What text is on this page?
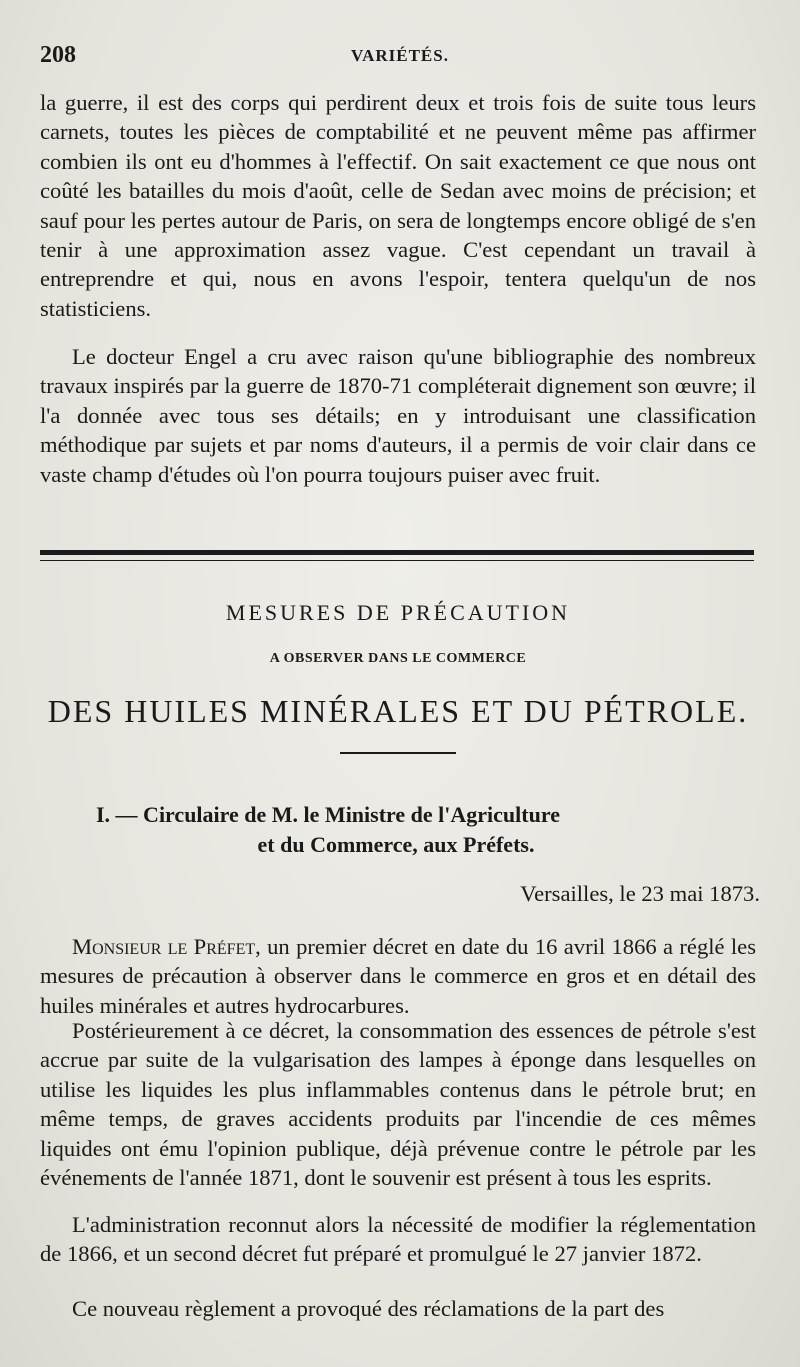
208	VARIÉTÉS.

la guerre, il est des corps qui perdirent deux et trois fois de suite tous leurs carnets, toutes les pièces de comptabilité et ne peuvent même pas affirmer combien ils ont eu d'hommes à l'effectif. On sait exactement ce que nous ont coûté les batailles du mois d'août, celle de Sedan avec moins de précision; et sauf pour les pertes autour de Paris, on sera de longtemps encore obligé de s'en tenir à une approximation assez vague. C'est cependant un travail à entreprendre et qui, nous en avons l'espoir, tentera quelqu'un de nos statisticiens.

Le docteur Engel a cru avec raison qu'une bibliographie des nombreux travaux inspirés par la guerre de 1870-71 compléterait dignement son œuvre; il l'a donnée avec tous ses détails; en y introduisant une classification méthodique par sujets et par noms d'auteurs, il a permis de voir clair dans ce vaste champ d'études où l'on pourra toujours puiser avec fruit.

MESURES DE PRÉCAUTION
A OBSERVER DANS LE COMMERCE
DES HUILES MINÉRALES ET DU PÉTROLE.
I. — Circulaire de M. le Ministre de l'Agriculture
et du Commerce, aux Préfets.
Versailles, le 23 mai 1873.

Monsieur le Préfet, un premier décret en date du 16 avril 1866 a réglé les mesures de précaution à observer dans le commerce en gros et en détail des huiles minérales et autres hydrocarbures.

Postérieurement à ce décret, la consommation des essences de pétrole s'est accrue par suite de la vulgarisation des lampes à éponge dans lesquelles on utilise les liquides les plus inflammables contenus dans le pétrole brut; en même temps, de graves accidents produits par l'incendie de ces mêmes liquides ont ému l'opinion publique, déjà prévenue contre le pétrole par les événements de l'année 1871, dont le souvenir est présent à tous les esprits.

L'administration reconnut alors la nécessité de modifier la réglementation de 1866, et un second décret fut préparé et promulgué le 27 janvier 1872.

Ce nouveau règlement a provoqué des réclamations de la part des
